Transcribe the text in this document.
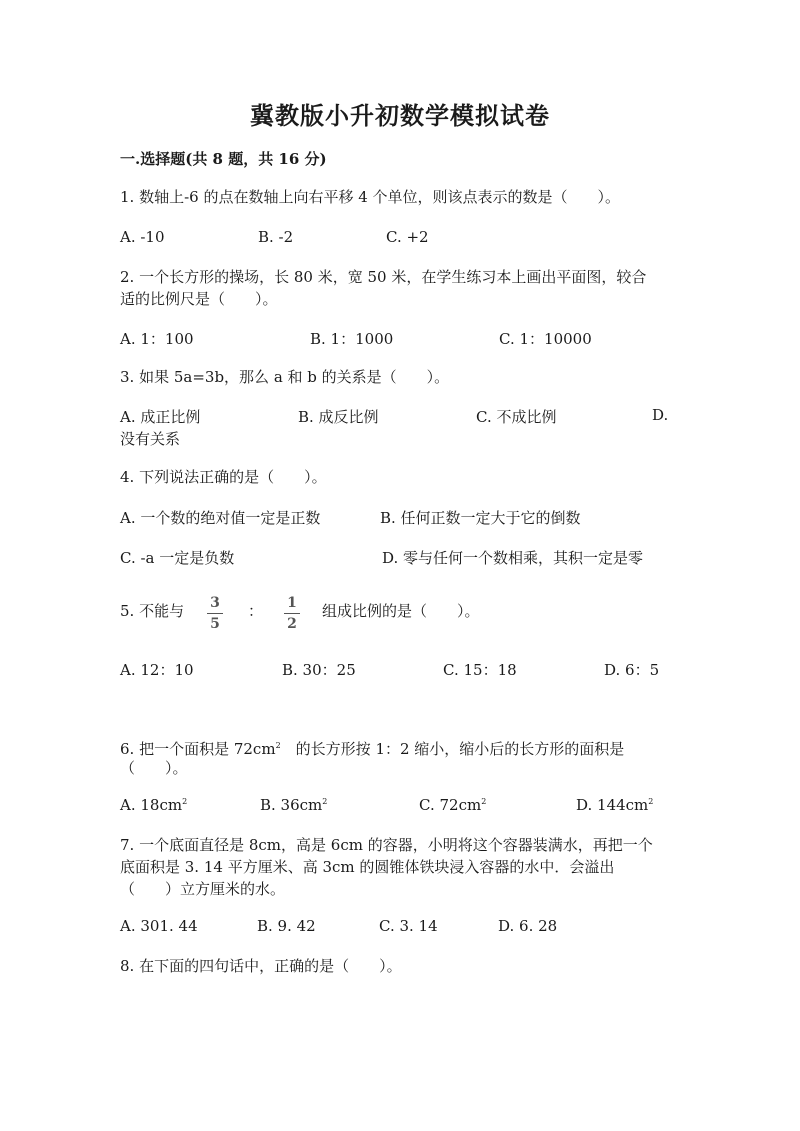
冀教版小升初数学模拟试卷
一.选择题(共 8 题，共 16 分)
1. 数轴上-6 的点在数轴上向右平移 4 个单位，则该点表示的数是（　　）。
A. -10	B. -2	C. +2
2. 一个长方形的操场，长 80 米，宽 50 米，在学生练习本上画出平面图，较合
适的比例尺是（　　）。
A. 1：100	B. 1：1000	C. 1：10000
3. 如果 5a=3b，那么 a 和 b 的关系是（　　）。
A. 成正比例	B. 成反比例	C. 不成比例	D.
没有关系
4. 下列说法正确的是（　　）。
A. 一个数的绝对值一定是正数	B. 任何正数一定大于它的倒数
C. -a 一定是负数	D. 零与任何一个数相乘，其积一定是零
5. 不能与	3
5
：	1
2
组成比例的是（　　）。
A. 12：10	B. 30：25	C. 15：18	D. 6：5
6. 把一个面积是 $72cm^2$　 的长方形按 1：2 缩小，缩小后的长方形的面积是
（　　）。
A. $18cm^2$	B. $36cm^2$	C. $72cm^2$	D. $144cm^2$
7. 一个底面直径是 8cm，高是 6cm 的容器，小明将这个容器装满水，再把一个
底面积是 3. 14 平方厘米、高 3cm 的圆锥体铁块浸入容器的水中．会溢出
（　　）立方厘米的水。
A. 301. 44	B. 9. 42	C. 3. 14	D. 6. 28
8. 在下面的四句话中，正确的是（　　）。
